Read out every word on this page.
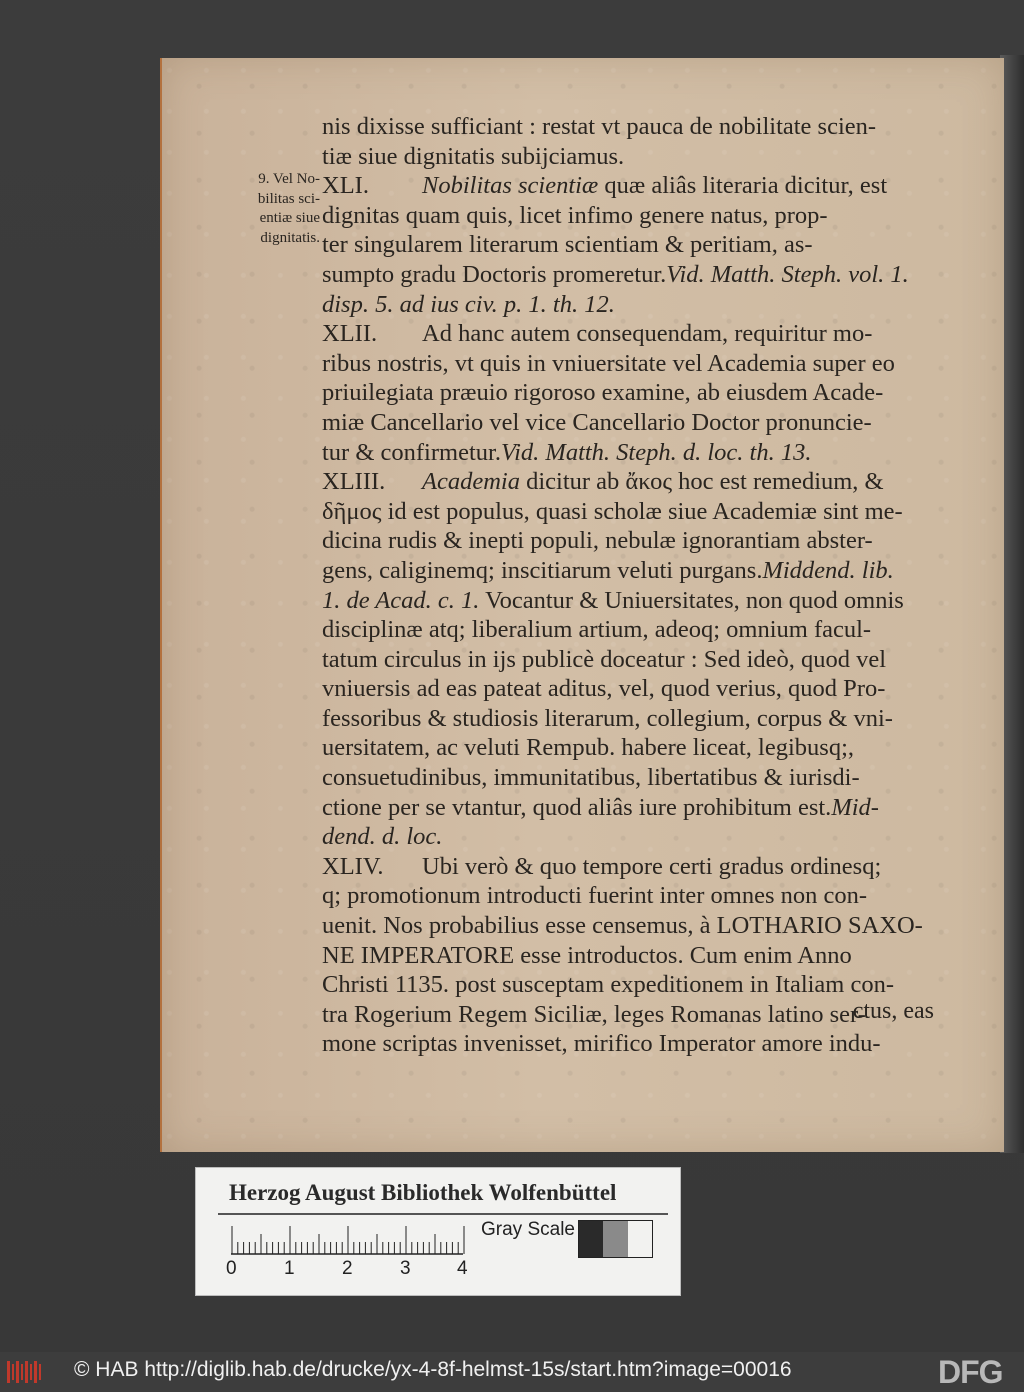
9. Vel No-
bilitas sci-
entiæ siue
dignitatis.
nis dixisse sufficiant : restat vt pauca de nobilitate scien-
tiæ siue dignitatis subijciamus.
XLI. Nobilitas scientiæ quæ aliâs literaria dicitur, est
dignitas quam quis, licet infimo genere natus, prop-
ter singularem literarum scientiam & peritiam, as-
sumpto gradu Doctoris promeretur.Vid. Matth. Steph. vol. 1.
disp. 5. ad ius civ. p. 1. th. 12.
XLII. Ad hanc autem consequendam, requiritur mo-
ribus nostris, vt quis in vniuersitate vel Academia super eo
priuilegiata præuio rigoroso examine, ab eiusdem Acade-
miæ Cancellario vel vice Cancellario Doctor pronuncie-
tur & confirmetur.Vid. Matth. Steph. d. loc. th. 13.
XLIII. Academia dicitur ab ἄκος hoc est remedium, &
δῆμος id est populus, quasi scholæ siue Academiæ sint me-
dicina rudis & inepti populi, nebulæ ignorantiam abster-
gens, caliginemq; inscitiarum veluti purgans.Middend. lib.
1. de Acad. c. 1. Vocantur & Uniuersitates, non quod omnis
disciplinæ atq; liberalium artium, adeoq; omnium facul-
tatum circulus in ijs publicè doceatur : Sed ideò, quod vel
vniuersis ad eas pateat aditus, vel, quod verius, quod Pro-
fessoribus & studiosis literarum, collegium, corpus & vni-
uersitatem, ac veluti Rempub. habere liceat, legibusq;,
consuetudinibus, immunitatibus, libertatibus & iurisdi-
ctione per se vtantur, quod aliâs iure prohibitum est.Mid-
dend. d. loc.
XLIV. Ubi verò & quo tempore certi gradus ordinesq;
q; promotionum introducti fuerint inter omnes non con-
uenit. Nos probabilius esse censemus, à LOTHARIO SAXO-
NE IMPERATORE esse introductos. Cum enim Anno
Christi 1135. post susceptam expeditionem in Italiam con-
tra Rogerium Regem Siciliæ, leges Romanas latino ser-
mone scriptas invenisset, mirifico Imperator amore indu-
ctus, eas
Herzog August Bibliothek Wolfenbüttel
0 1 2 3 4
Gray Scale
© HAB http://diglib.hab.de/drucke/yx-4-8f-helmst-15s/start.htm?image=00016	DFG
